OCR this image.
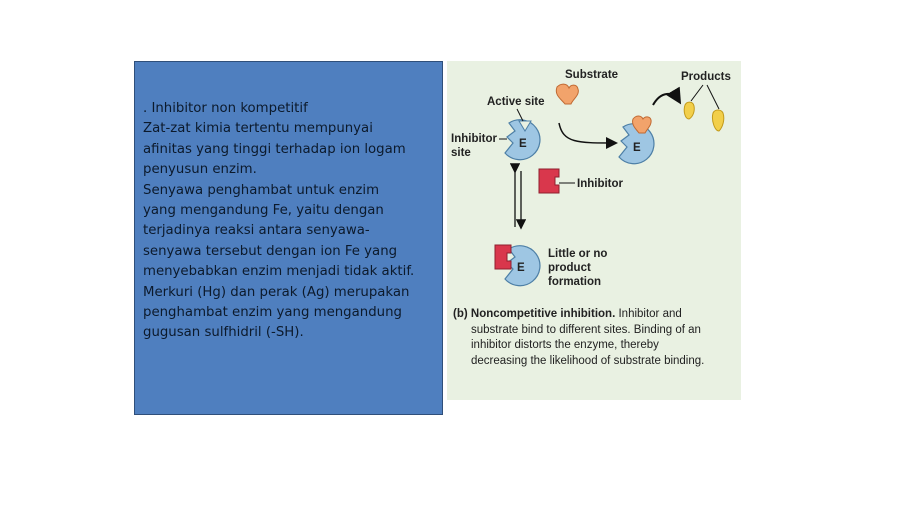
. Inhibitor non kompetitif
Zat-zat kimia tertentu mempunyai
afinitas yang tinggi terhadap ion logam
penyusun enzim.
Senyawa penghambat untuk enzim
yang mengandung Fe, yaitu dengan
terjadinya reaksi antara senyawa-
senyawa tersebut dengan ion Fe yang
menyebabkan enzim menjadi tidak aktif.
Merkuri (Hg) dan perak (Ag) merupakan
penghambat enzim yang mengandung
gugusan sulfhidril (-SH).
E	E
E
Substrate	Products
Active site
Inhibitor
site
Inhibitor
Little or no
product
formation
(b) Noncompetitive inhibition. Inhibitor and
substrate bind to different sites. Binding of an
inhibitor distorts the enzyme, thereby
decreasing the likelihood of substrate binding.
